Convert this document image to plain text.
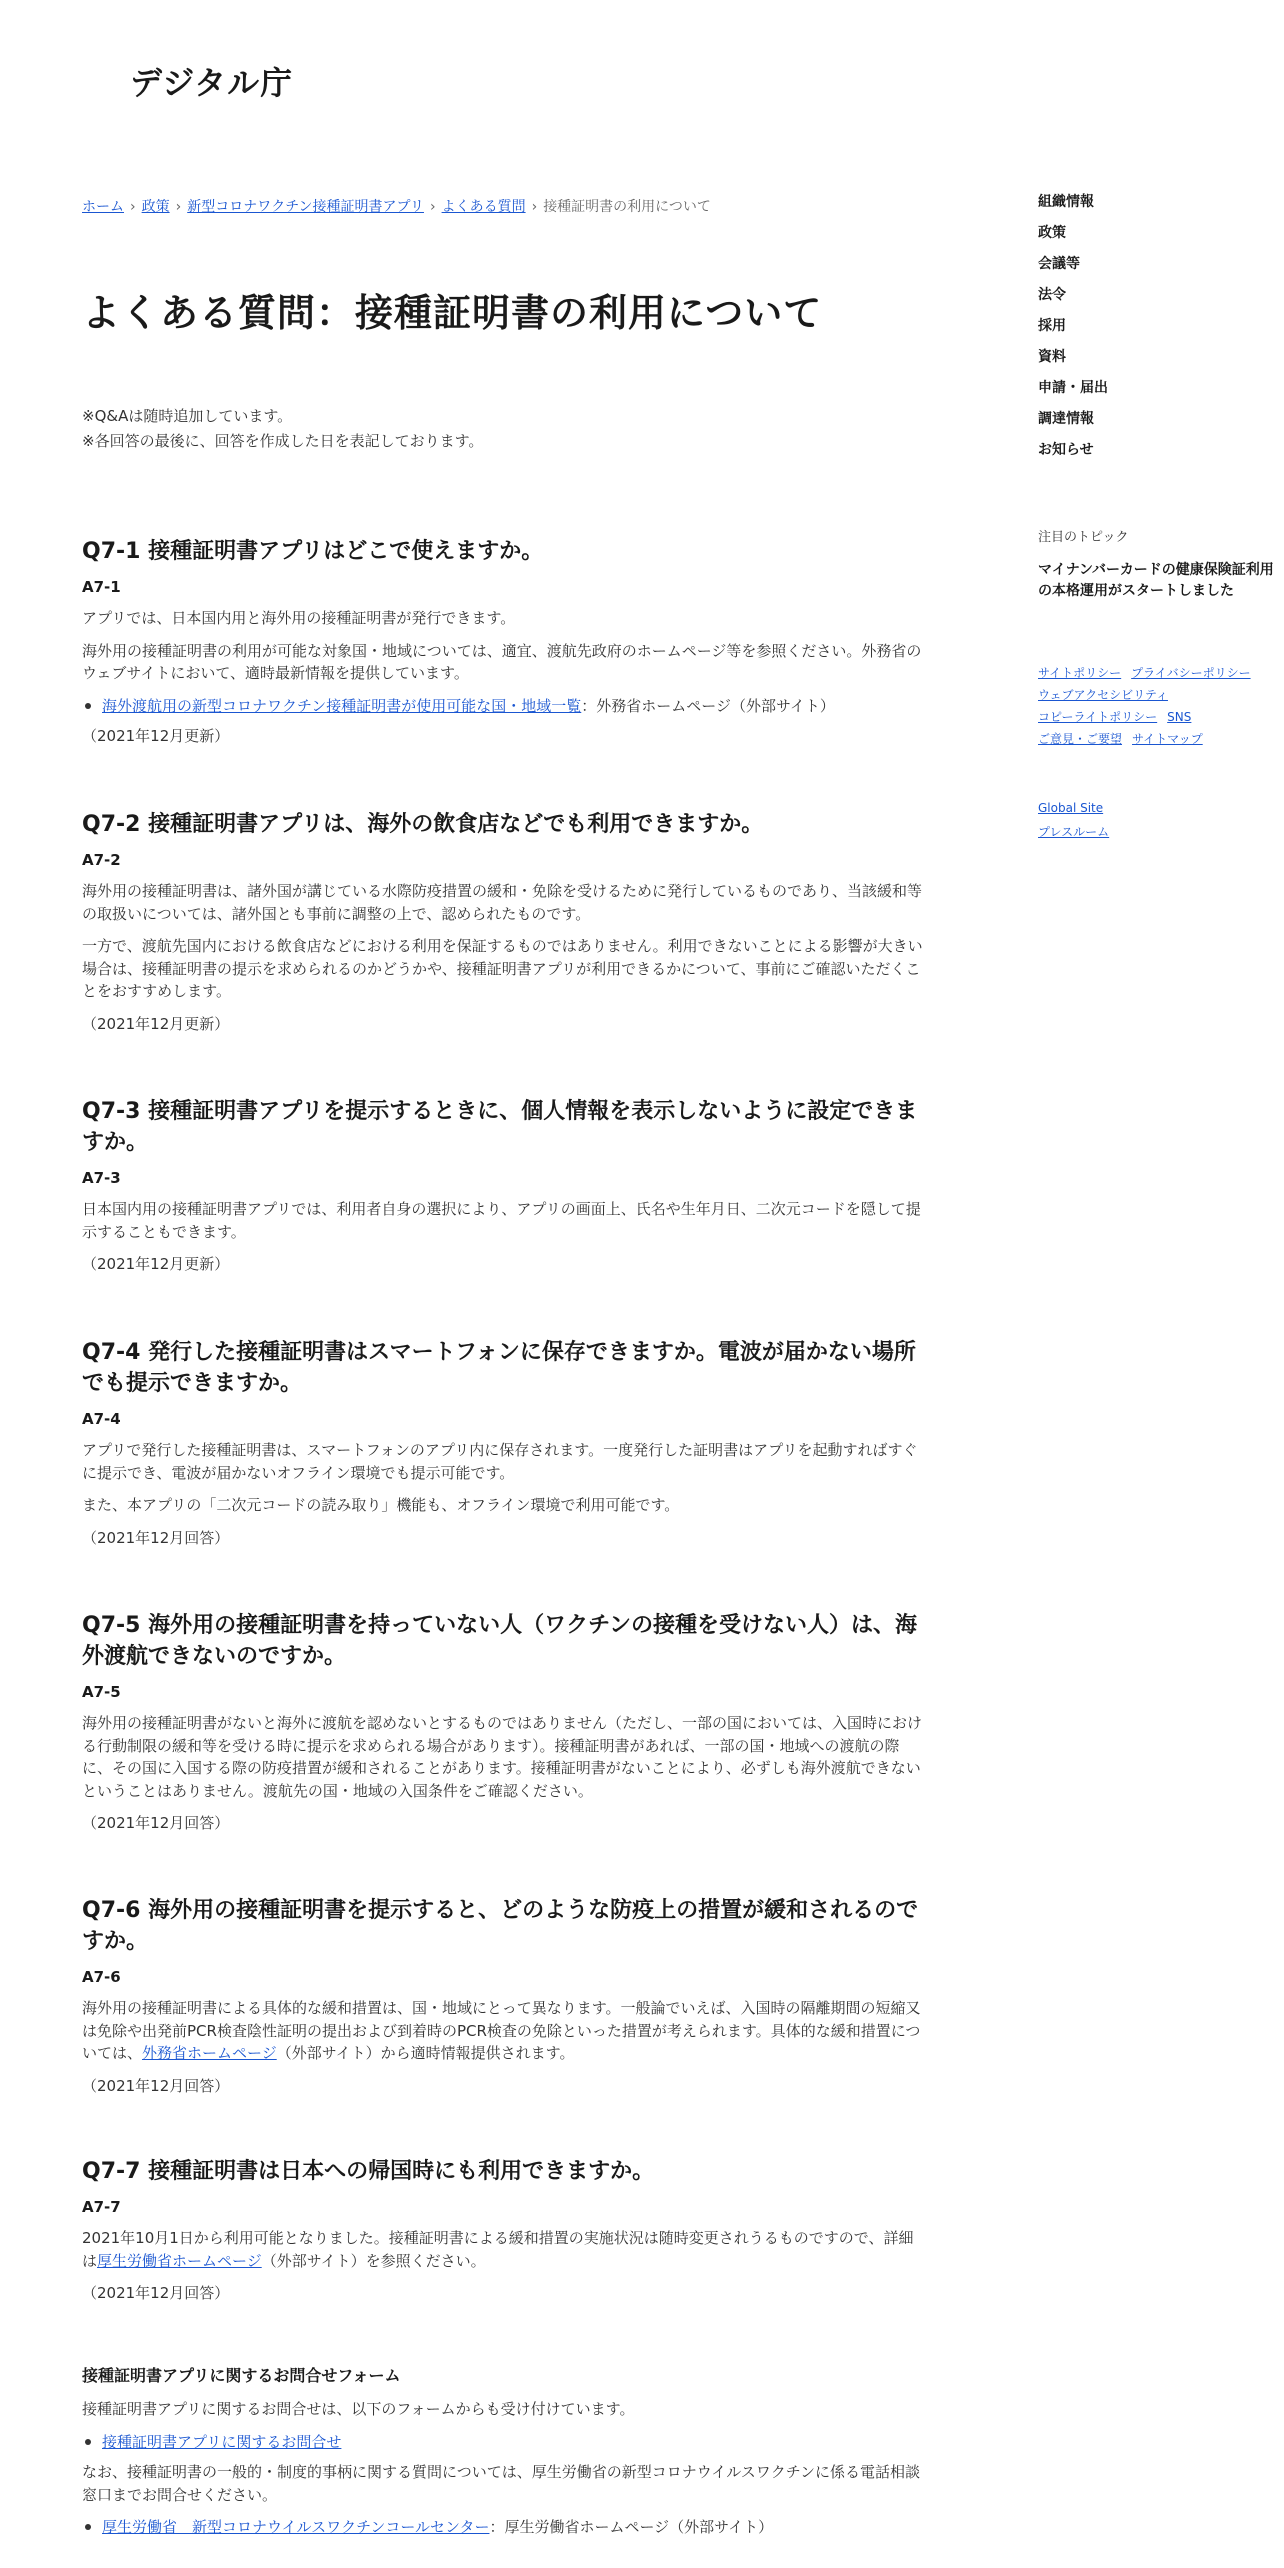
デジタル庁
ホーム › 政策 › 新型コロナワクチン接種証明書アプリ › よくある質問 › 接種証明書の利用について
よくある質問：接種証明書の利用について
※Q&Aは随時追加しています。
※各回答の最後に、回答を作成した日を表記しております。
Q7-1 接種証明書アプリはどこで使えますか。
A7-1

アプリでは、日本国内用と海外用の接種証明書が発行できます。

海外用の接種証明書の利用が可能な対象国・地域については、適宜、渡航先政府のホームページ等を参照ください。外務省の ウェブサイトにおいて、適時最新情報を提供しています。

海外渡航用の新型コロナワクチン接種証明書が使用可能な国・地域一覧：外務省ホームページ（外部サイト）
（2021年12月更新）
Q7-2 接種証明書アプリは、海外の飲食店などでも利用できますか。
A7-2

海外用の接種証明書は、諸外国が講じている水際防疫措置の緩和・免除を受けるために発行しているものであり、当該緩和等の取扱いについては、諸外国とも事前に調整の上で、認められたものです。

一方で、渡航先国内における飲食店などにおける利用を保証するものではありません。利用できないことによる影響が大きい場合は、接種証明書の提示を求められるのかどうかや、接種証明書アプリが利用できるかについて、事前にご確認いただくことをおすすめします。

（2021年12月更新）
Q7-3 接種証明書アプリを提示するときに、個人情報を表示しないように設定できますか。
A7-3

日本国内用の接種証明書アプリでは、利用者自身の選択により、アプリの画面上、氏名や生年月日、二次元コードを隠して提示することもできます。

（2021年12月更新）
Q7-4 発行した接種証明書はスマートフォンに保存できますか。電波が届かない場所でも提示できますか。
A7-4

アプリで発行した接種証明書は、スマートフォンのアプリ内に保存されます。一度発行した証明書はアプリを起動すればすぐに提示でき、電波が届かないオフライン環境でも提示可能です。

また、本アプリの「二次元コードの読み取り」機能も、オフライン環境で利用可能です。

（2021年12月回答）
Q7-5 海外用の接種証明書を持っていない人（ワクチンの接種を受けない人）は、海外渡航できないのですか。
A7-5

海外用の接種証明書がないと海外に渡航を認めないとするものではありません（ただし、一部の国においては、入国時における行動制限の緩和等を受ける時に提示を求められる場合があります）。接種証明書があれば、一部の国・地域への渡航の際に、その国に入国する際の防疫措置が緩和されることがあります。接種証明書がないことにより、必ずしも海外渡航できないということはありません。渡航先の国・地域の入国条件をご確認ください。

（2021年12月回答）
Q7-6 海外用の接種証明書を提示すると、どのような防疫上の措置が緩和されるのですか。
A7-6

海外用の接種証明書による具体的な緩和措置は、国・地域にとって異なります。一般論でいえば、入国時の隔離期間の短縮又は免除や出発前PCR検査陰性証明の提出および到着時のPCR検査の免除といった措置が考えられます。具体的な緩和措置については、外務省ホームページ（外部サイト）から適時情報提供されます。

（2021年12月回答）
Q7-7 接種証明書は日本への帰国時にも利用できますか。
A7-7

2021年10月1日から利用可能となりました。接種証明書による緩和措置の実施状況は随時変更されうるものですので、詳細は厚生労働省ホームページ（外部サイト）を参照ください。

（2021年12月回答）
接種証明書アプリに関するお問合せフォーム

接種証明書アプリに関するお問合せは、以下のフォームからも受け付けています。

接種証明書アプリに関するお問合せ

なお、接種証明書の一般的・制度的事柄に関する質問については、厚生労働省の新型コロナウイルスワクチンに係る電話相談窓口までお問合せください。

厚生労働省　新型コロナウイルスワクチンコールセンター：厚生労働省ホームページ（外部サイト）
組織情報
政策
会議等
法令
採用
資料
申請・届出
調達情報
お知らせ
注目のトピック
マイナンバーカードの健康保険証利用の本格運用がスタートしました
サイトポリシー プライバシーポリシー
ウェブアクセシビリティ
コピーライトポリシー SNS
ご意見・ご要望 サイトマップ
Global Site
プレスルーム
